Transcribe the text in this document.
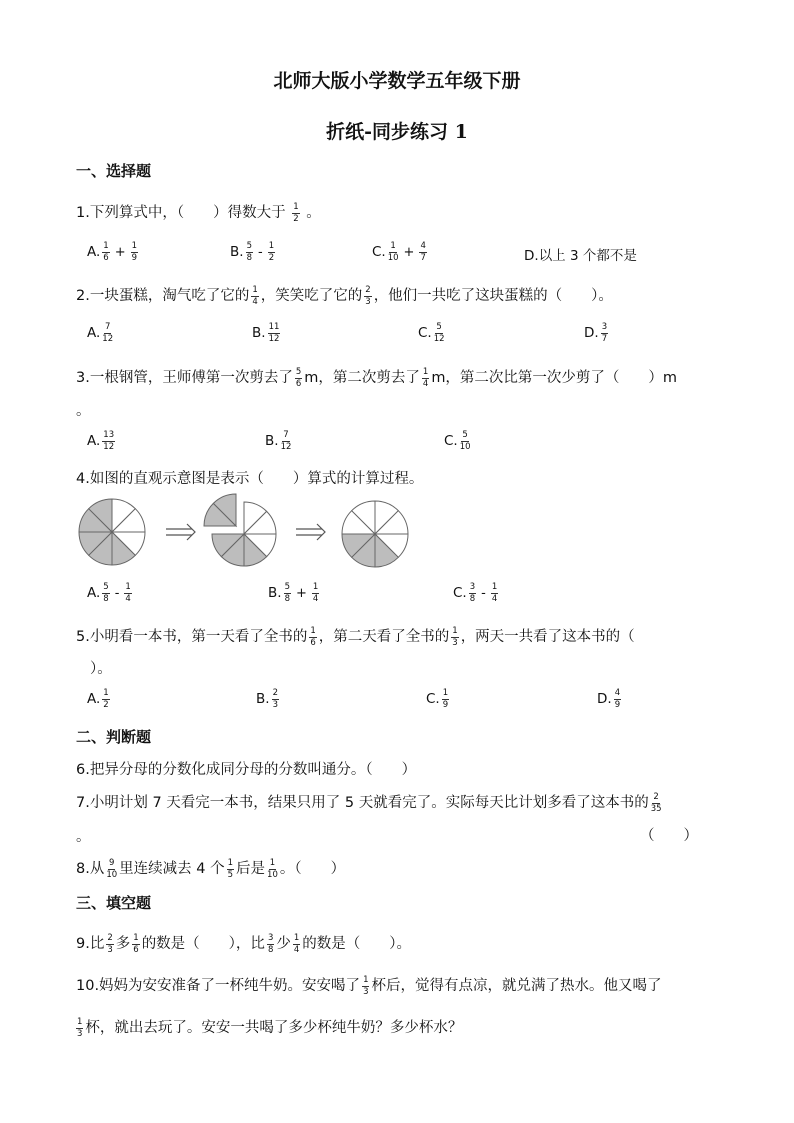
北师大版小学数学五年级下册
折纸-同步练习 1
一、选择题
1.下列算式中，（　　）得数大于 $\frac{1}{2}$ 。
A. $\frac{1}{6} + \frac{1}{9}$	B. $\frac{5}{8} - \frac{1}{2}$	C. $\frac{1}{10} + \frac{4}{7}$	D.以上 3 个都不是
2.一块蛋糕，淘气吃了它的 $\frac{1}{4}$ ，笑笑吃了它的 $\frac{2}{3}$ ，他们一共吃了这块蛋糕的（　　）。
A. $\frac{7}{12}$	B. $\frac{11}{12}$	C. $\frac{5}{12}$	D. $\frac{3}{7}$
3.一根钢管，王师傅第一次剪去了 $\frac{5}{6}$ m，第二次剪去了 $\frac{1}{4}$ m，第二次比第一次少剪了（　　）m
。
A. $\frac{13}{12}$	B. $\frac{7}{12}$	C. $\frac{5}{10}$
4.如图的直观示意图是表示（　　）算式的计算过程。
A. $\frac{5}{8} - \frac{1}{4}$	B. $\frac{5}{8} + \frac{1}{4}$	C. $\frac{3}{8} - \frac{1}{4}$
5.小明看一本书，第一天看了全书的 $\frac{1}{6}$ ，第二天看了全书的 $\frac{1}{3}$ ，两天一共看了这本书的（
）。
A. $\frac{1}{2}$	B. $\frac{2}{3}$	C. $\frac{1}{9}$	D. $\frac{4}{9}$
二、判断题
6.把异分母的分数化成同分母的分数叫通分。（　　）
7.小明计划 7 天看完一本书，结果只用了 5 天就看完了。实际每天比计划多看了这本书的 $\frac{2}{35}$
。	（　　）
8.从 $\frac{9}{10}$ 里连续减去 4 个 $\frac{1}{5}$ 后是 $\frac{1}{10}$ 。（　　）
三、填空题
9.比 $\frac{2}{3}$ 多 $\frac{1}{6}$ 的数是（　　），比 $\frac{3}{8}$ 少 $\frac{1}{4}$ 的数是（　　）。
10.妈妈为安安准备了一杯纯牛奶。安安喝了 $\frac{1}{3}$ 杯后，觉得有点凉，就兑满了热水。他又喝了
$\frac{1}{3}$ 杯，就出去玩了。安安一共喝了多少杯纯牛奶？多少杯水？
